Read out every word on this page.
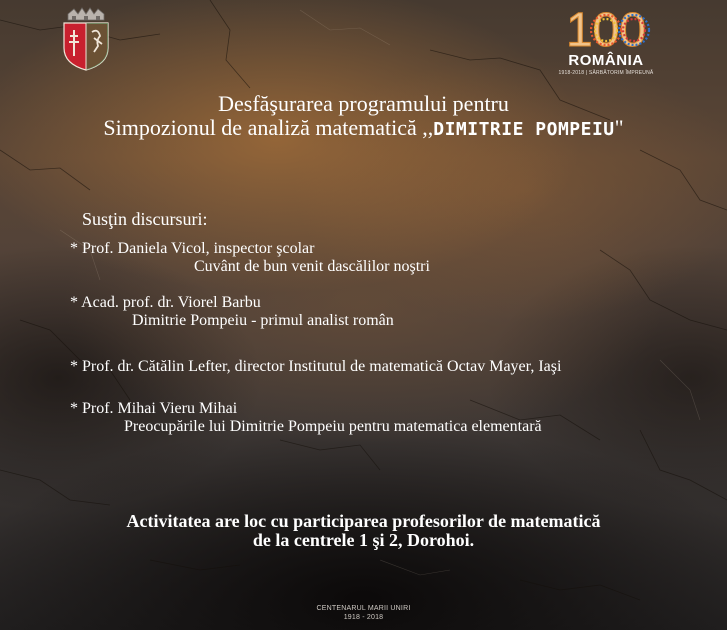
100
ROMÂNIA
1918-2018 | SĂRBĂTORIM ÎMPREUNĂ
Desfăşurarea programului pentru
Simpozionul de analiză matematică ,,DIMITRIE POMPEIU"
Susţin discursuri:
* Prof. Daniela Vicol, inspector şcolar
Cuvânt de bun venit dascălilor noştri
* Acad. prof. dr. Viorel Barbu
Dimitrie Pompeiu - primul analist român
* Prof. dr. Cătălin Lefter, director Institutul de matematică Octav Mayer, Iaşi
* Prof. Mihai Vieru Mihai
Preocupările lui Dimitrie Pompeiu pentru matematica elementară
Activitatea are loc cu participarea profesorilor de matematică
de la centrele 1 şi 2, Dorohoi.
CENTENARUL MARII UNIRI
1918 - 2018
